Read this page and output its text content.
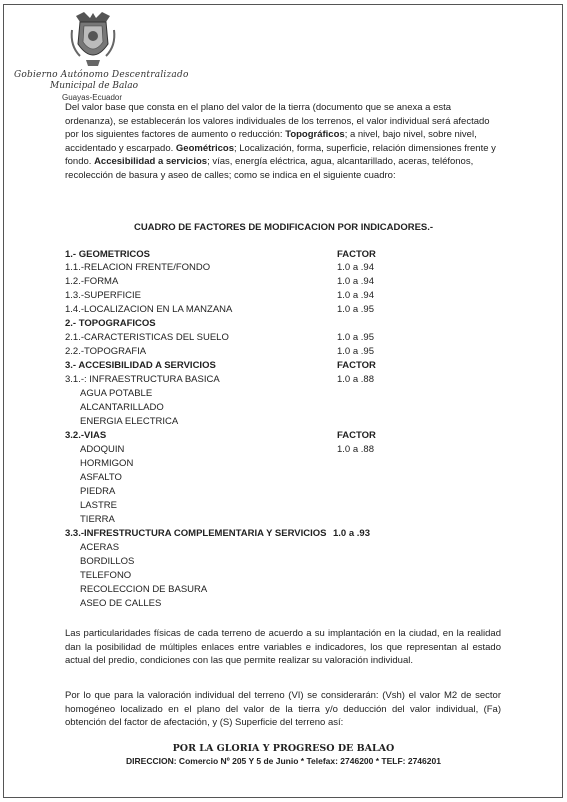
Gobierno Autónomo Descentralizado
Municipal de Balao
Guayas-Ecuador
Del valor base que consta en el plano del valor de la tierra (documento que se anexa a esta ordenanza), se establecerán los valores individuales de los terrenos, el valor individual será afectado por los siguientes factores de aumento o reducción: Topográficos; a nivel, bajo nivel, sobre nivel, accidentado y escarpado. Geométricos; Localización, forma, superficie, relación dimensiones frente y fondo. Accesibilidad a servicios; vías, energía eléctrica, agua, alcantarillado, aceras, teléfonos, recolección de basura y aseo de calles; como se indica en el siguiente cuadro:
CUADRO DE FACTORES DE MODIFICACION POR INDICADORES.-
1.- GEOMETRICOS	FACTOR
1.1.-RELACION FRENTE/FONDO	1.0 a .94
1.2.-FORMA	1.0 a .94
1.3.-SUPERFICIE	1.0 a .94
1.4.-LOCALIZACION EN LA MANZANA	1.0 a .95
2.- TOPOGRAFICOS
2.1.-CARACTERISTICAS DEL SUELO	1.0 a .95
2.2.-TOPOGRAFIA	1.0 a .95
3.- ACCESIBILIDAD A SERVICIOS	FACTOR
3.1.-: INFRAESTRUCTURA BASICA	1.0 a .88
AGUA POTABLE
ALCANTARILLADO
ENERGIA ELECTRICA
3.2.-VIAS	FACTOR
ADOQUIN	1.0 a .88
HORMIGON
ASFALTO
PIEDRA
LASTRE
TIERRA
3.3.-INFRESTRUCTURA COMPLEMENTARIA Y SERVICIOS 1.0 a .93
ACERAS
BORDILLOS
TELEFONO
RECOLECCION DE BASURA
ASEO DE CALLES
Las particularidades físicas de cada terreno de acuerdo a su implantación en la ciudad, en la realidad dan la posibilidad de múltiples enlaces entre variables e indicadores, los que representan al estado actual del predio, condiciones con las que permite realizar su valoración individual.
Por lo que para la valoración individual del terreno (VI) se considerarán: (Vsh) el valor M2 de sector homogéneo localizado en el plano del valor de la tierra y/o deducción del valor individual, (Fa) obtención del factor de afectación, y (S) Superficie del terreno así:
POR LA GLORIA Y PROGRESO DE BALAO
DIRECCION: Comercio Nº 205 Y 5 de Junio * Telefax: 2746200 * TELF: 2746201
